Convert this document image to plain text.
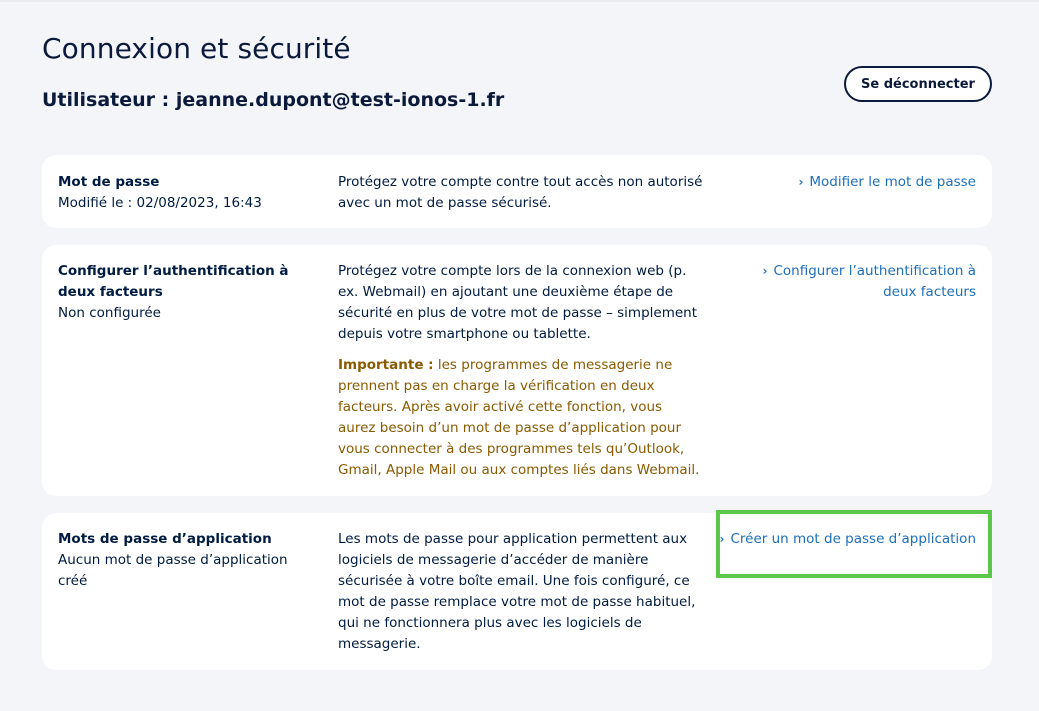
Connexion et sécurité
Utilisateur : jeanne.dupont@test-ionos-1.fr
Se déconnecter
Mot de passe
Modifié le : 02/08/2023, 16:43
Protégez votre compte contre tout accès non autorisé avec un mot de passe sécurisé.
› Modifier le mot de passe
Configurer l’authentification à deux facteurs
Non configurée
Protégez votre compte lors de la connexion web (p. ex. Webmail) en ajoutant une deuxième étape de sécurité en plus de votre mot de passe – simplement depuis votre smartphone ou tablette.
Importante : les programmes de messagerie ne prennent pas en charge la vérification en deux facteurs. Après avoir activé cette fonction, vous aurez besoin d’un mot de passe d’application pour vous connecter à des programmes tels qu’Outlook, Gmail, Apple Mail ou aux comptes liés dans Webmail.
› Configurer l’authentification à deux facteurs
Mots de passe d’application
Aucun mot de passe d’application créé
Les mots de passe pour application permettent aux logiciels de messagerie d’accéder de manière sécurisée à votre boîte email. Une fois configuré, ce mot de passe remplace votre mot de passe habituel, qui ne fonctionnera plus avec les logiciels de messagerie.
› Créer un mot de passe d’application
